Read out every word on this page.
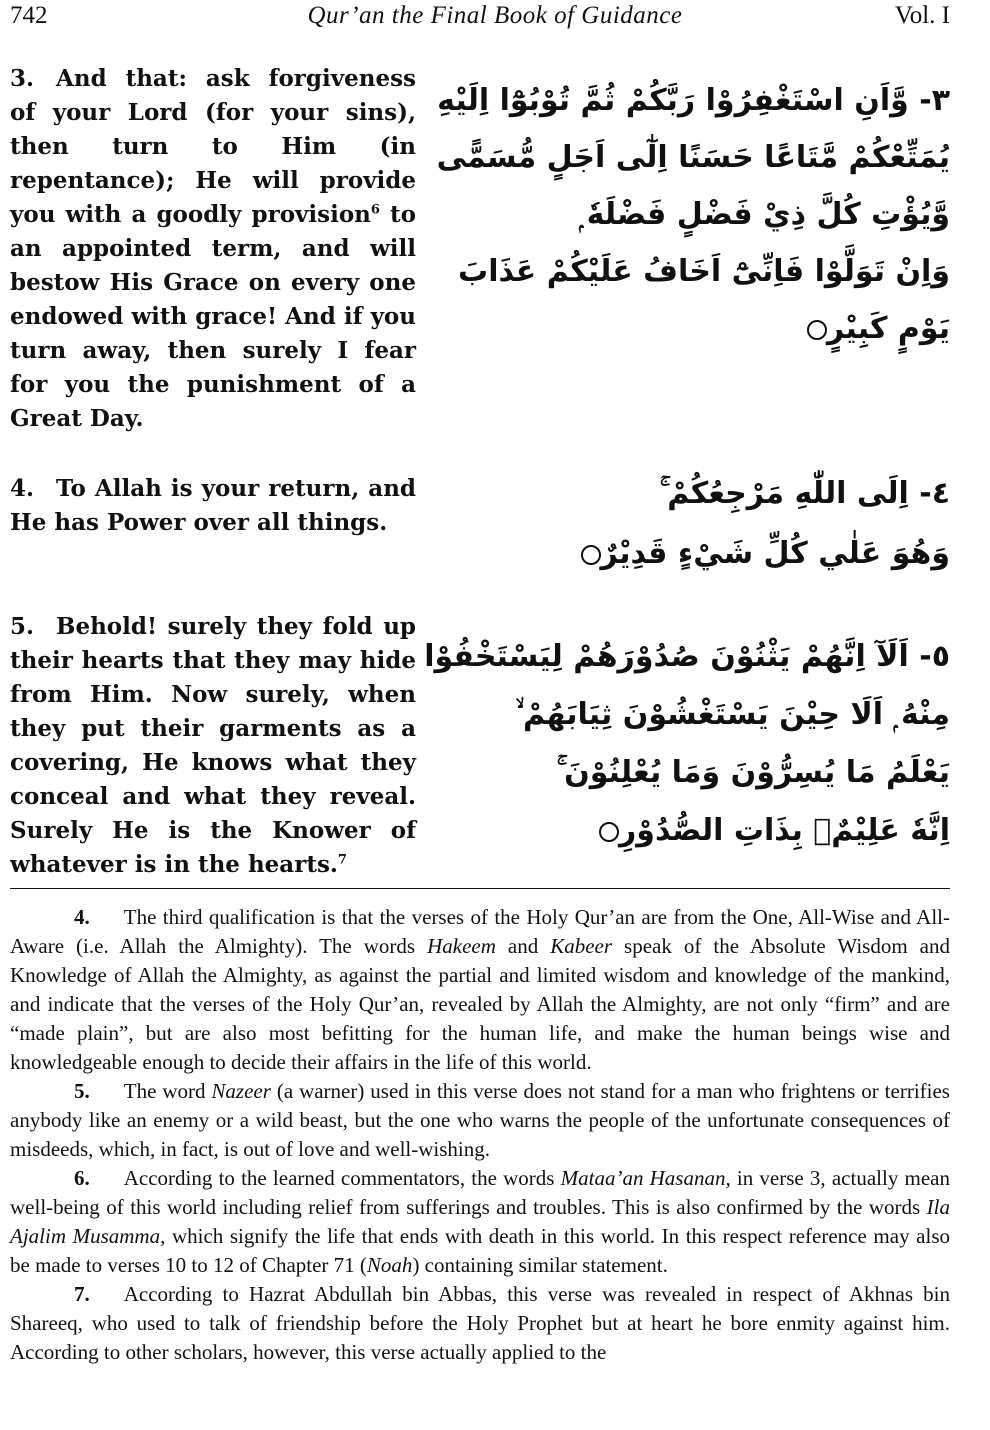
742	Qur’an the Final Book of Guidance	Vol. I

3. And that: ask forgiveness of your Lord (for your sins), then turn to Him (in repentance); He will provide you with a goodly provision$^6$ to an appointed term, and will bestow His Grace on every one endowed with grace! And if you turn away, then surely I fear for you the punishment of a Great Day.

٣- وَّاَنِ اسْتَغْفِرُوْا رَبَّكُمْ ثُمَّ تُوْبُوْٓا اِلَيْهِ
يُمَتِّعْكُمْ مَّتَاعًا حَسَنًا اِلٰٓى اَجَلٍ مُّسَمًّى
وَّيُؤْتِ كُلَّ ذِيْ فَضْلٍ فَضْلَهٗ ۭ
وَاِنْ تَوَلَّوْا فَاِنِّىْٓ اَخَافُ عَلَيْكُمْ عَذَابَ
يَوْمٍ كَبِيْرٍ

4. To Allah is your return, and He has Power over all things.

٤- اِلَى اللّٰهِ مَرْجِعُكُمْ ۚ
وَهُوَ عَلٰي كُلِّ شَيْءٍ قَدِيْرٌ

5. Behold! surely they fold up their hearts that they may hide from Him. Now surely, when they put their garments as a covering, He knows what they conceal and what they reveal. Surely He is the Knower of whatever is in the hearts.$^7$

٥- اَلَآ اِنَّهُمْ يَثْنُوْنَ صُدُوْرَهُمْ لِيَسْتَخْفُوْا
مِنْهُ ۭ اَلَا حِيْنَ يَسْتَغْشُوْنَ ثِيَابَهُمْ ۙ
يَعْلَمُ مَا يُسِرُّوْنَ وَمَا يُعْلِنُوْنَ ۚ
اِنَّهٗ عَلِيْمٌۢ بِذَاتِ الصُّدُوْرِ

4. The third qualification is that the verses of the Holy Qur’an are from the One, All-Wise and All-Aware (i.e. Allah the Almighty). The words Hakeem and Kabeer speak of the Absolute Wisdom and Knowledge of Allah the Almighty, as against the partial and limited wisdom and knowledge of the mankind, and indicate that the verses of the Holy Qur’an, revealed by Allah the Almighty, are not only “firm” and are “made plain”, but are also most befitting for the human life, and make the human beings wise and knowledgeable enough to decide their affairs in the life of this world.

5. The word Nazeer (a warner) used in this verse does not stand for a man who frightens or terrifies anybody like an enemy or a wild beast, but the one who warns the people of the unfortunate consequences of misdeeds, which, in fact, is out of love and well-wishing.

6. According to the learned commentators, the words Mataa’an Hasanan, in verse 3, actually mean well-being of this world including relief from sufferings and troubles. This is also confirmed by the words Ila Ajalim Musamma, which signify the life that ends with death in this world. In this respect reference may also be made to verses 10 to 12 of Chapter 71 (Noah) containing similar statement.

7. According to Hazrat Abdullah bin Abbas, this verse was revealed in respect of Akhnas bin Shareeq, who used to talk of friendship before the Holy Prophet but at heart he bore enmity against him. According to other scholars, however, this verse actually applied to the
